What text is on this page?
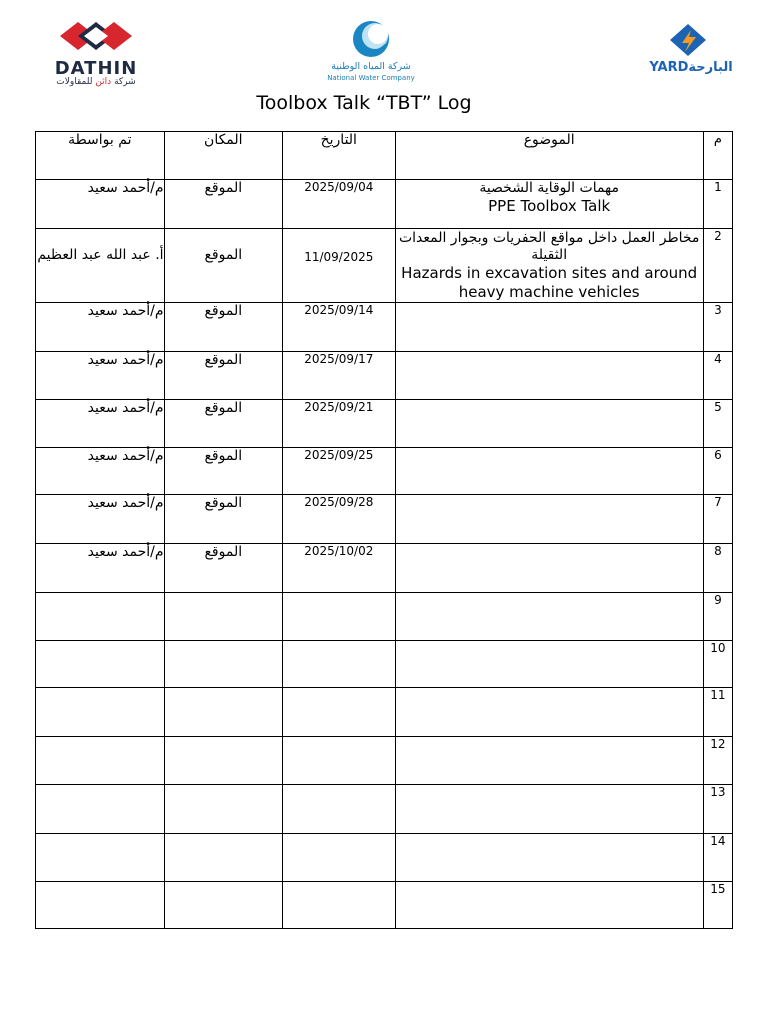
DATHIN
شركة داثن للمقاولات
شركة المياه الوطنية
National Water Company
YARDالبارحة

Toolbox Talk “TBT” Log
تم بواسطة	المكان	التاريخ	الموضوع	م
م/أحمد سعيد	الموقع	2025/09/04	مهمات الوقاية الشخصية
PPE Toolbox Talk	1
أ. عبد الله عبد العظيم	الموقع	11/09/2025	مخاطر العمل داخل مواقع الحفريات وبجوار المعدات الثقيلة
Hazards in excavation sites and around heavy machine vehicles	2
م/أحمد سعيد	الموقع	2025/09/14		3
م/أحمد سعيد	الموقع	2025/09/17		4
م/أحمد سعيد	الموقع	2025/09/21		5
م/أحمد سعيد	الموقع	2025/09/25		6
م/أحمد سعيد	الموقع	2025/09/28		7
م/أحمد سعيد	الموقع	2025/10/02		8
				9
				10
				11
				12
				13
				14
				15
